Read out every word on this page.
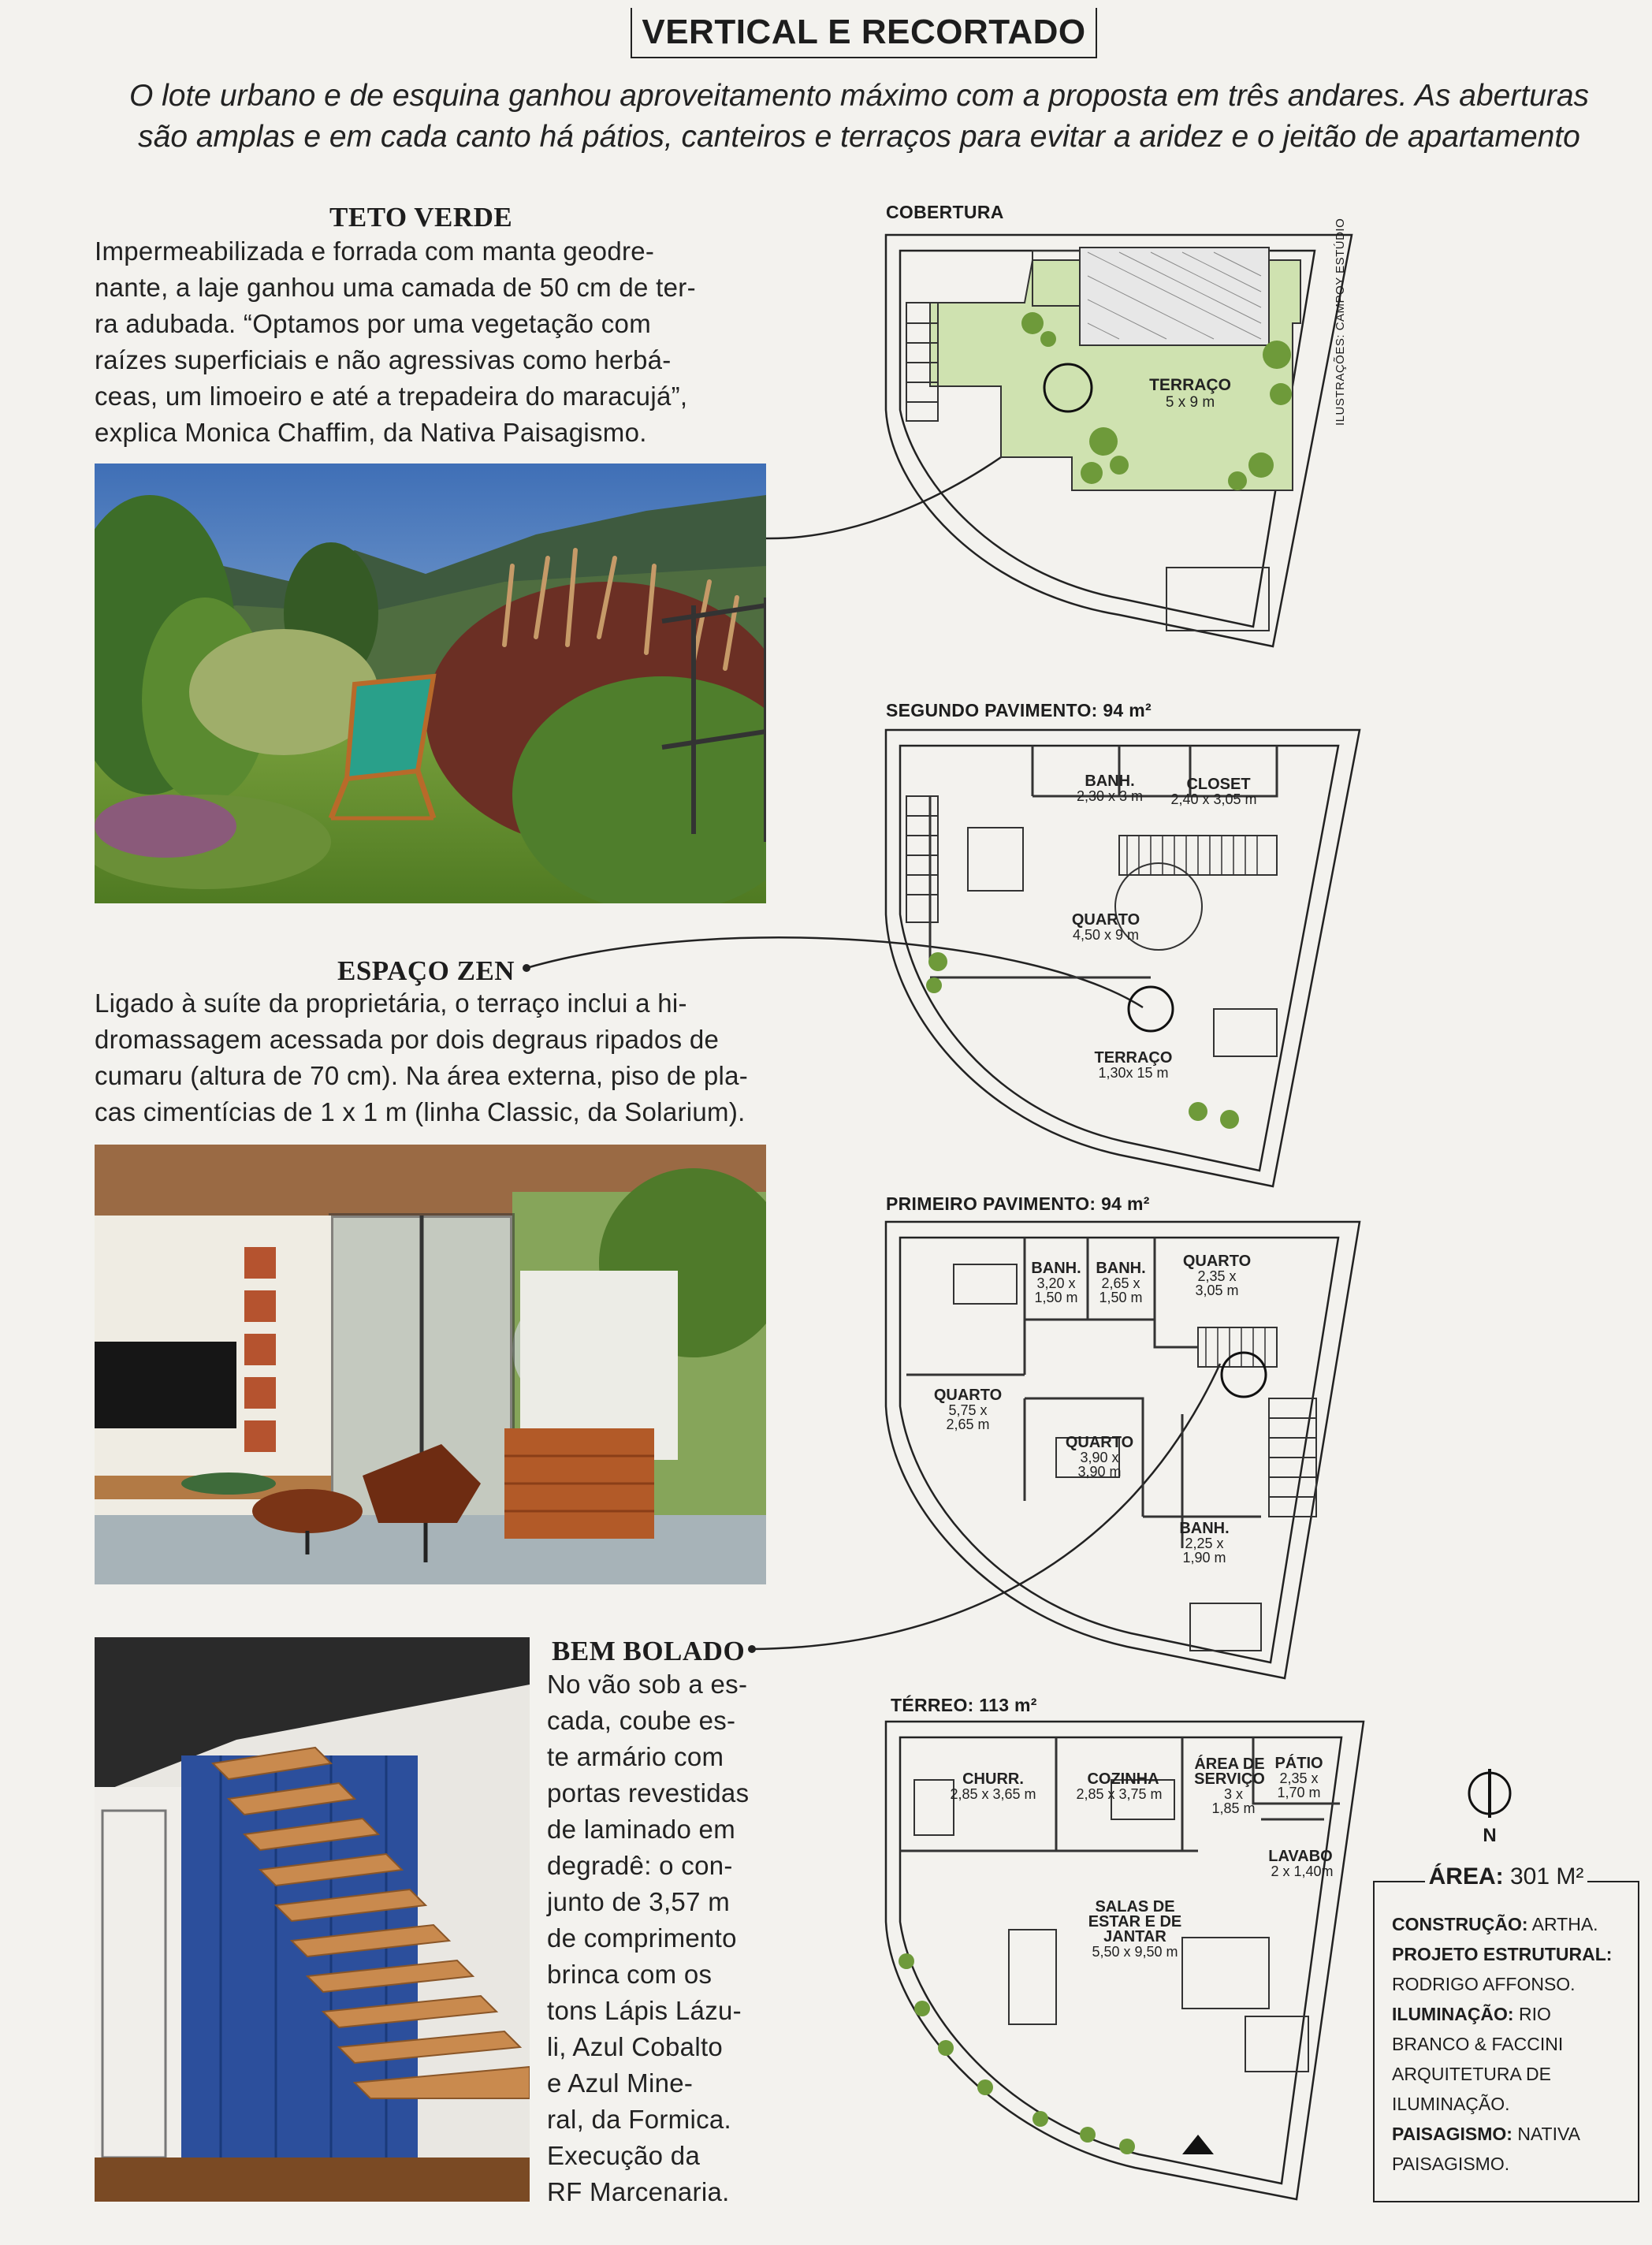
VERTICAL E RECORTADO
O lote urbano e de esquina ganhou aproveitamento máximo com a proposta em três andares. As aberturas
são amplas e em cada canto há pátios, canteiros e terraços para evitar a aridez e o jeitão de apartamento
TETO VERDE
Impermeabilizada e forrada com manta geodre-
nante, a laje ganhou uma camada de 50 cm de ter-
ra adubada. “Optamos por uma vegetação com
raízes superficiais e não agressivas como herbá-
ceas, um limoeiro e até a trepadeira do maracujá”,
explica Monica Chaffim, da Nativa Paisagismo.
ESPAÇO ZEN
Ligado à suíte da proprietária, o terraço inclui a hi-
dromassagem acessada por dois degraus ripados de
cumaru (altura de 70 cm). Na área externa, piso de pla-
cas cimentícias de 1 x 1 m (linha Classic, da Solarium).
BEM BOLADO
No vão sob a es-
cada, coube es-
te armário com
portas revestidas
de laminado em
degradê: o con-
junto de 3,57 m
de comprimento
brinca com os
tons Lápis Lázu-
li, Azul Cobalto
e Azul Mine-
ral, da Formica.
Execução da
RF Marcenaria.
COBERTURA
ILUSTRAÇÕES: CAMPOY ESTÚDIO
TERRAÇO
5 x 9 m
SEGUNDO PAVIMENTO: 94 m²
BANH.
2,30 x 3 m
CLOSET
2,40 x 3,05 m
QUARTO
4,50 x 9 m
TERRAÇO
1,30x 15 m
PRIMEIRO PAVIMENTO: 94 m²
BANH.
3,20 x
1,50 m
BANH.
2,65 x
1,50 m
QUARTO
2,35 x
3,05 m
QUARTO
5,75 x
2,65 m
QUARTO
3,90 x
3,90 m
BANH.
2,25 x
1,90 m
TÉRREO: 113 m²
CHURR.
2,85 x 3,65 m
COZINHA
2,85 x 3,75 m
ÁREA DE
SERVIÇO
3 x
1,85 m
PÁTIO
2,35 x
1,70 m
LAVABO
2 x 1,40m
SALAS DE
ESTAR E DE
JANTAR
5,50 x 9,50 m
N
ÁREA: 301 M²
CONSTRUÇÃO: ARTHA.
PROJETO ESTRUTURAL: RODRIGO AFFONSO.
ILUMINAÇÃO: RIO BRANCO & FACCINI ARQUITETURA DE ILUMINAÇÃO.
PAISAGISMO: NATIVA PAISAGISMO.
